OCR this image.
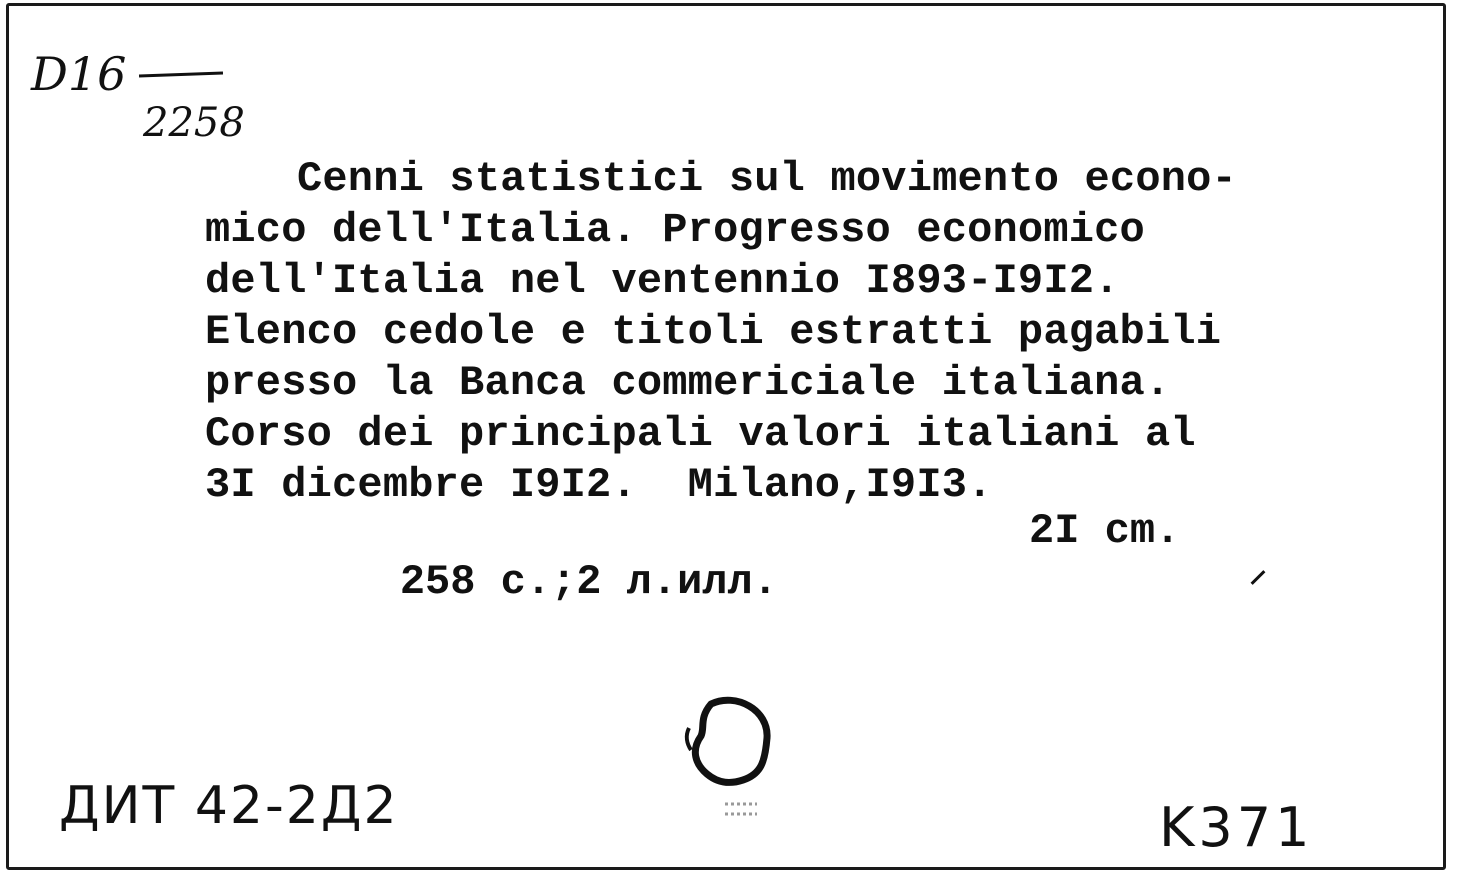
D16
2258
Cenni statistici sul movimento econo-
mico dell'Italia. Progresso economico
dell'Italia nel ventennio I893-I9I2.
Elenco cedole e titoli estratti pagabili
presso la Banca commericiale italiana.
Corso dei principali valori italiani al
3I dicembre I9I2.  Milano,I9I3.

258 c.;2 л.илл.

2I cm.

ДИТ 42-2Д2	K371
